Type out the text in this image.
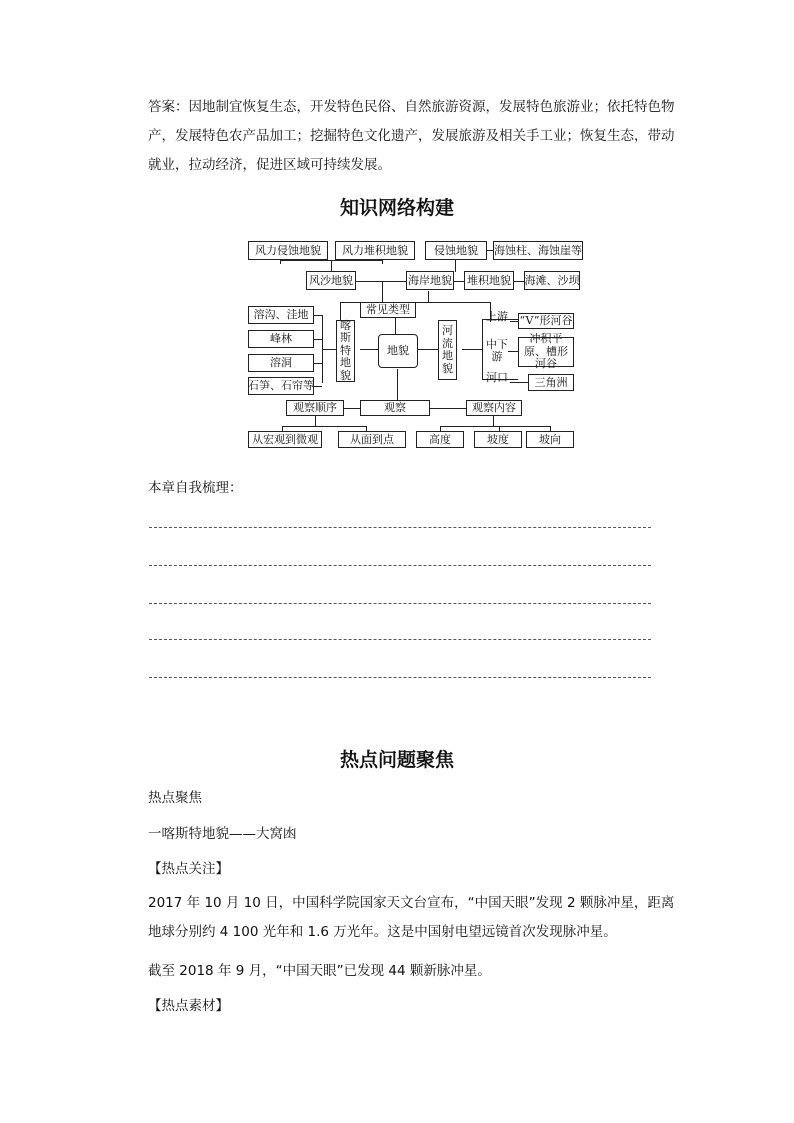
答案：因地制宜恢复生态，开发特色民俗、自然旅游资源，发展特色旅游业；依托特色物产，发展特色农产品加工；挖掘特色文化遗产，发展旅游及相关手工业；恢复生态，带动就业，拉动经济，促进区域可持续发展。

知识网络构建
风力侵蚀地貌	风力堆积地貌	侵蚀地貌	海蚀柱、海蚀崖等
风沙地貌	海岸地貌 堆积地貌 海滩、沙坝
常见类型
溶沟、洼地
峰林
溶洞
石笋、石帘等
喀斯特地貌
地貌
河流地貌
上游 “V”形河谷
中下游
冲积平原、槽形河谷
河口	三角洲
观察顺序	观察	观察内容
从宏观到微观	从面到点	高度	坡度	坡向

本章自我梳理：

热点问题聚焦

热点聚焦

一喀斯特地貌——大窝凼

【热点关注】

2017 年 10 月 10 日，中国科学院国家天文台宣布，“中国天眼”发现 2 颗脉冲星，距离地球分别约 4 100 光年和 1.6 万光年。这是中国射电望远镜首次发现脉冲星。

截至 2018 年 9 月，“中国天眼”已发现 44 颗新脉冲星。

【热点素材】
